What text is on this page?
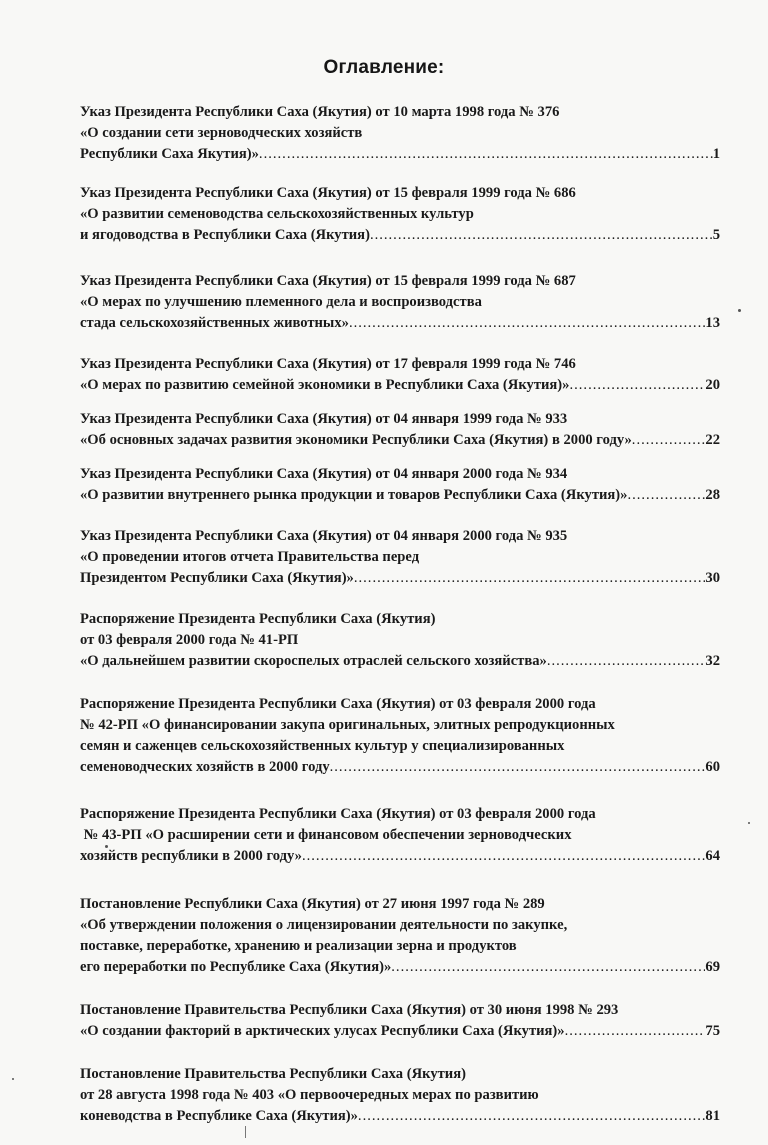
Оглавление:
Указ Президента Республики Саха (Якутия) от 10 марта 1998 года № 376
«О создании сети зерноводческих хозяйств
Республики Саха Якутия)» .....	1
Указ Президента Республики Саха (Якутия) от 15 февраля 1999 года № 686
«О развитии семеноводства сельскохозяйственных культур
и ягодоводства в Республики Саха (Якутия) .....	5
Указ Президента Республики Саха (Якутия) от 15 февраля 1999 года № 687
«О мерах по улучшению племенного дела и воспроизводства
стада сельскохозяйственных животных» .....	13
Указ Президента Республики Саха (Якутия) от 17 февраля 1999 года № 746
«О мерах по развитию семейной экономики в Республики Саха (Якутия)» .....	20
Указ Президента Республики Саха (Якутия) от 04 января 1999 года № 933
«Об основных задачах развития экономики Республики Саха (Якутия) в 2000 году» .....	22
Указ Президента Республики Саха (Якутия) от 04 января 2000 года № 934
«О развитии внутреннего рынка продукции и товаров Республики Саха (Якутия)» .....	28
Указ Президента Республики Саха (Якутия) от 04 января 2000 года № 935
«О проведении итогов отчета Правительства перед
Президентом Республики Саха (Якутия)» .....	30
Распоряжение Президента Республики Саха (Якутия)
от 03 февраля 2000 года № 41-РП
«О дальнейшем развитии скороспелых отраслей сельского хозяйства» .....	32
Распоряжение Президента Республики Саха (Якутия) от 03 февраля 2000 года
№ 42-РП «О финансировании закупа оригинальных, элитных репродукционных
семян и саженцев сельскохозяйственных культур у специализированных
семеноводческих хозяйств в 2000 году .....	60
Распоряжение Президента Республики Саха (Якутия) от 03 февраля 2000 года
№ 43-РП «О расширении сети и финансовом обеспечении зерноводческих
хозяйств республики в 2000 году» .....	64
Постановление Республики Саха (Якутия) от 27 июня 1997 года № 289
«Об утверждении положения о лицензировании деятельности по закупке,
поставке, переработке, хранению и реализации зерна и продуктов
его переработки по Республике Саха (Якутия)» .....	69
Постановление Правительства Республики Саха (Якутия) от 30 июня 1998 № 293
«О создании факторий в арктических улусах Республики Саха (Якутия)» .....	75
Постановление Правительства Республики Саха (Якутия)
от 28 августа 1998 года № 403 «О первоочередных мерах по развитию
коневодства в Республике Саха (Якутия)» .....	81
